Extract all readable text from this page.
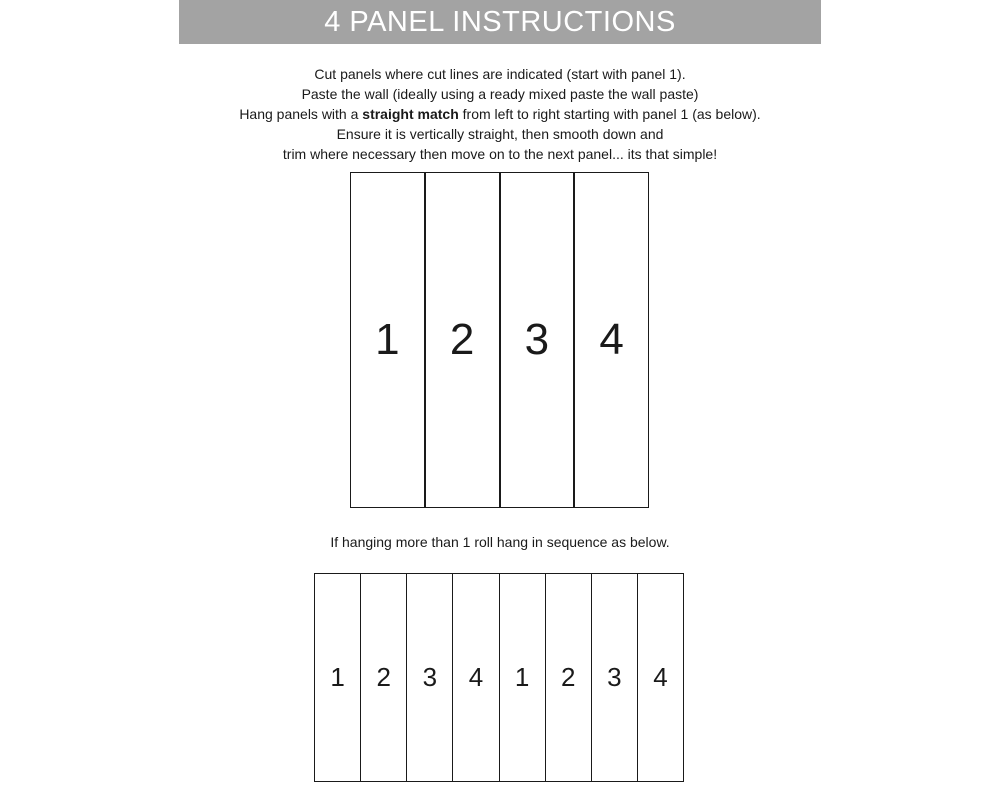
4 PANEL INSTRUCTIONS

Cut panels where cut lines are indicated (start with panel 1).

Paste the wall (ideally using a ready mixed paste the wall paste)

Hang panels with a straight match from left to right starting with panel 1 (as below).

Ensure it is vertically straight, then smooth down and

trim where necessary then move on to the next panel... its that simple!

1	2	3	4

If hanging more than 1 roll hang in sequence as below.

1	2	3	4	1	2	3	4
